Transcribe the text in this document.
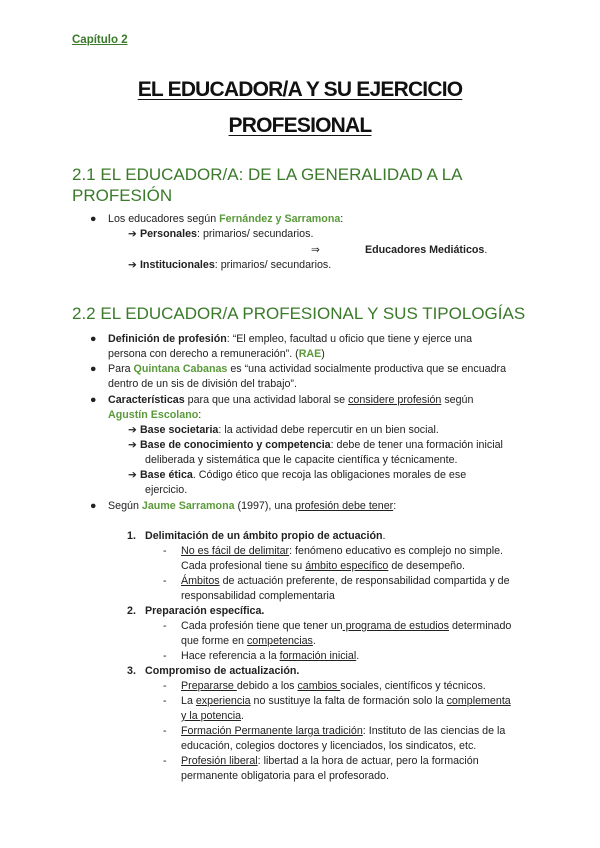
Capítulo 2
EL EDUCADOR/A Y SU EJERCICIO
PROFESIONAL
2.1 EL EDUCADOR/A: DE LA GENERALIDAD A LA
PROFESIÓN
● Los educadores según Fernández y Sarramona:
➔ Personales: primarios/ secundarios.
⇒	Educadores Mediáticos.
➔ Institucionales: primarios/ secundarios.
2.2 EL EDUCADOR/A PROFESIONAL Y SUS TIPOLOGÍAS
● Definición de profesión: “El empleo, facultad u oficio que tiene y ejerce una
persona con derecho a remuneración”. (RAE)
● Para Quintana Cabanas es “una actividad socialmente productiva que se encuadra
dentro de un sis de división del trabajo”.
● Características para que una actividad laboral se considere profesión según
Agustín Escolano:
➔ Base societaria: la actividad debe repercutir en un bien social.
➔ Base de conocimiento y competencia: debe de tener una formación inicial
deliberada y sistemática que le capacite científica y técnicamente.
➔ Base ética. Código ético que recoja las obligaciones morales de ese
ejercicio.
● Según Jaume Sarramona (1997), una profesión debe tener:
1. Delimitación de un ámbito propio de actuación.
- No es fácil de delimitar: fenómeno educativo es complejo no simple.
Cada profesional tiene su ámbito específico de desempeño.
- Ámbitos de actuación preferente, de responsabilidad compartida y de
responsabilidad complementaria
2. Preparación específica.
- Cada profesión tiene que tener un programa de estudios determinado
que forme en competencias.
- Hace referencia a la formación inicial.
3. Compromiso de actualización.
- Prepararse debido a los cambios sociales, científicos y técnicos.
- La experiencia no sustituye la falta de formación solo la complementa
y la potencia.
- Formación Permanente larga tradición: Instituto de las ciencias de la
educación, colegios doctores y licenciados, los sindicatos, etc.
- Profesión liberal: libertad a la hora de actuar, pero la formación
permanente obligatoria para el profesorado.
